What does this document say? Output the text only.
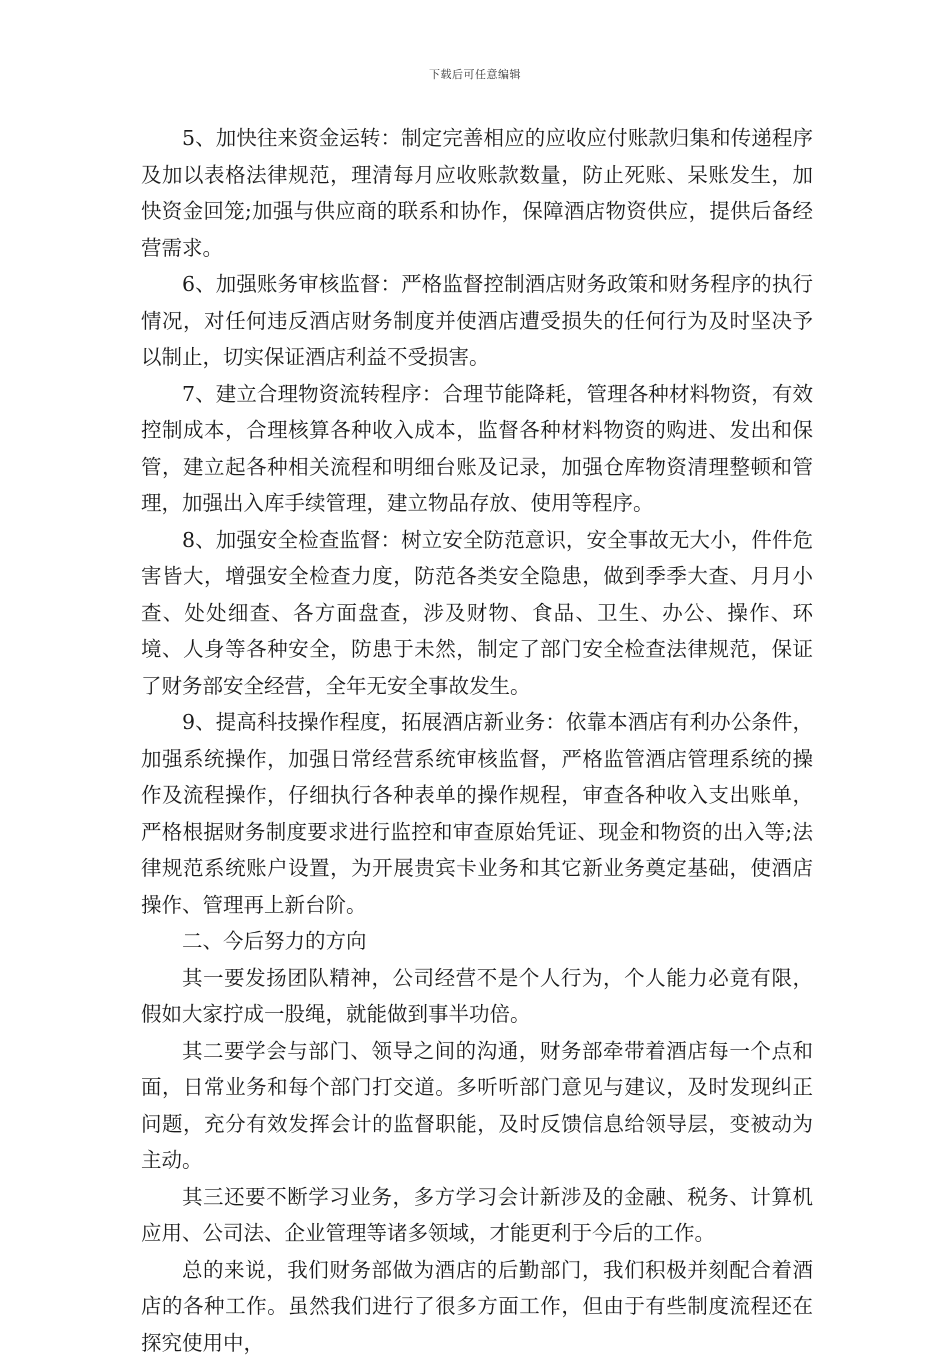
下载后可任意编辑

5、加快往来资金运转：制定完善相应的应收应付账款归集和传递程序及加以表格法律规范，理清每月应收账款数量，防止死账、呆账发生，加快资金回笼;加强与供应商的联系和协作，保障酒店物资供应，提供后备经营需求。

6、加强账务审核监督：严格监督控制酒店财务政策和财务程序的执行情况，对任何违反酒店财务制度并使酒店遭受损失的任何行为及时坚决予以制止，切实保证酒店利益不受损害。

7、建立合理物资流转程序：合理节能降耗，管理各种材料物资，有效控制成本，合理核算各种收入成本，监督各种材料物资的购进、发出和保管，建立起各种相关流程和明细台账及记录，加强仓库物资清理整顿和管理，加强出入库手续管理，建立物品存放、使用等程序。

8、加强安全检查监督：树立安全防范意识，安全事故无大小，件件危害皆大，增强安全检查力度，防范各类安全隐患，做到季季大查、月月小查、处处细查、各方面盘查，涉及财物、食品、卫生、办公、操作、环境、人身等各种安全，防患于未然，制定了部门安全检查法律规范，保证了财务部安全经营，全年无安全事故发生。

9、提高科技操作程度，拓展酒店新业务：依靠本酒店有利办公条件，加强系统操作，加强日常经营系统审核监督，严格监管酒店管理系统的操作及流程操作，仔细执行各种表单的操作规程，审查各种收入支出账单，严格根据财务制度要求进行监控和审查原始凭证、现金和物资的出入等;法律规范系统账户设置，为开展贵宾卡业务和其它新业务奠定基础，使酒店操作、管理再上新台阶。

二、今后努力的方向

其一要发扬团队精神，公司经营不是个人行为，个人能力必竟有限，假如大家拧成一股绳，就能做到事半功倍。

其二要学会与部门、领导之间的沟通，财务部牵带着酒店每一个点和面，日常业务和每个部门打交道。多听听部门意见与建议，及时发现纠正问题，充分有效发挥会计的监督职能，及时反馈信息给领导层，变被动为主动。

其三还要不断学习业务，多方学习会计新涉及的金融、税务、计算机应用、公司法、企业管理等诸多领域，才能更利于今后的工作。

总的来说，我们财务部做为酒店的后勤部门，我们积极并刻配合着酒店的各种工作。虽然我们进行了很多方面工作，但由于有些制度流程还在探究使用中，
